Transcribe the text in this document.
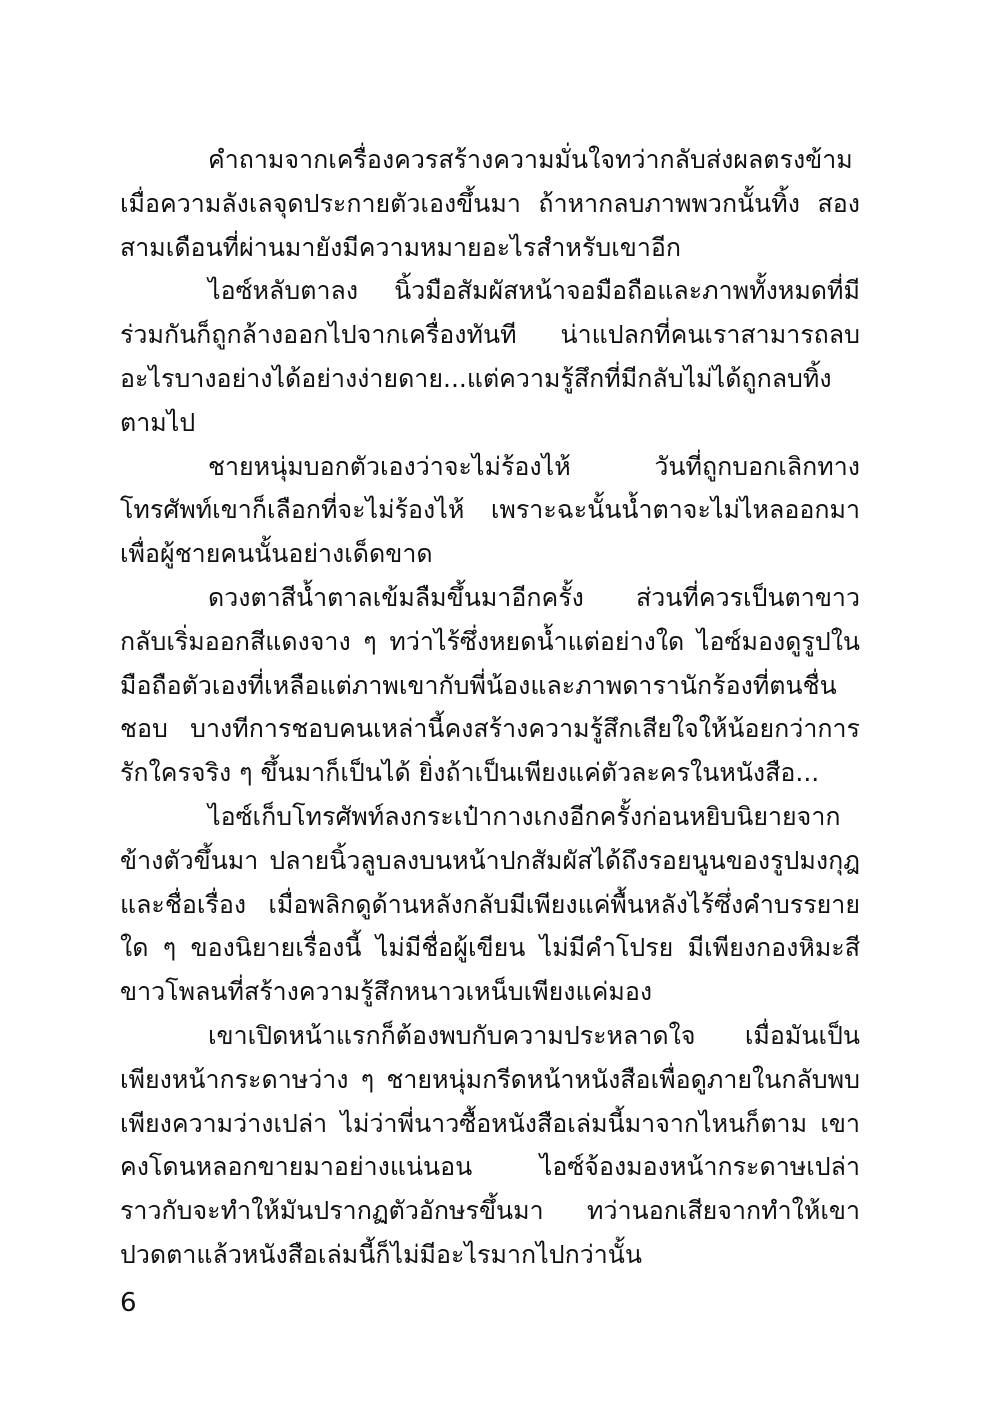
คำถามจากเครื่องควรสร้างความมั่นใจทว่ากลับส่งผลตรงข้าม เมื่อความลังเลจุดประกายตัวเองขึ้นมา ถ้าหากลบภาพพวกนั้นทิ้ง สองสามเดือนที่ผ่านมายังมีความหมายอะไรสำหรับเขาอีก

ไอซ์หลับตาลง นิ้วมือสัมผัสหน้าจอมือถือและภาพทั้งหมดที่มีร่วมกันก็ถูกล้างออกไปจากเครื่องทันที น่าแปลกที่คนเราสามารถลบอะไรบางอย่างได้อย่างง่ายดาย...แต่ความรู้สึกที่มีกลับไม่ได้ถูกลบทิ้งตามไป

ชายหนุ่มบอกตัวเองว่าจะไม่ร้องไห้ วันที่ถูกบอกเลิกทางโทรศัพท์เขาก็เลือกที่จะไม่ร้องไห้ เพราะฉะนั้นน้ำตาจะไม่ไหลออกมาเพื่อผู้ชายคนนั้นอย่างเด็ดขาด

ดวงตาสีน้ำตาลเข้มลืมขึ้นมาอีกครั้ง ส่วนที่ควรเป็นตาขาวกลับเริ่มออกสีแดงจาง ๆ ทว่าไร้ซึ่งหยดน้ำแต่อย่างใด ไอซ์มองดูรูปในมือถือตัวเองที่เหลือแต่ภาพเขากับพี่น้องและภาพดารานักร้องที่ตนชื่นชอบ บางทีการชอบคนเหล่านี้คงสร้างความรู้สึกเสียใจให้น้อยกว่าการรักใครจริง ๆ ขึ้นมาก็เป็นได้ ยิ่งถ้าเป็นเพียงแค่ตัวละครในหนังสือ...

ไอซ์เก็บโทรศัพท์ลงกระเป๋ากางเกงอีกครั้งก่อนหยิบนิยายจากข้างตัวขึ้นมา ปลายนิ้วลูบลงบนหน้าปกสัมผัสได้ถึงรอยนูนของรูปมงกุฎและชื่อเรื่อง เมื่อพลิกดูด้านหลังกลับมีเพียงแค่พื้นหลังไร้ซึ่งคำบรรยายใด ๆ ของนิยายเรื่องนี้ ไม่มีชื่อผู้เขียน ไม่มีคำโปรย มีเพียงกองหิมะสีขาวโพลนที่สร้างความรู้สึกหนาวเหน็บเพียงแค่มอง

เขาเปิดหน้าแรกก็ต้องพบกับความประหลาดใจ เมื่อมันเป็นเพียงหน้ากระดาษว่าง ๆ ชายหนุ่มกรีดหน้าหนังสือเพื่อดูภายในกลับพบเพียงความว่างเปล่า ไม่ว่าพี่นาวซื้อหนังสือเล่มนี้มาจากไหนก็ตาม เขาคงโดนหลอกขายมาอย่างแน่นอน ไอซ์จ้องมองหน้ากระดาษเปล่าราวกับจะทำให้มันปรากฏตัวอักษรขึ้นมา ทว่านอกเสียจากทำให้เขาปวดตาแล้วหนังสือเล่มนี้ก็ไม่มีอะไรมากไปกว่านั้น

6
